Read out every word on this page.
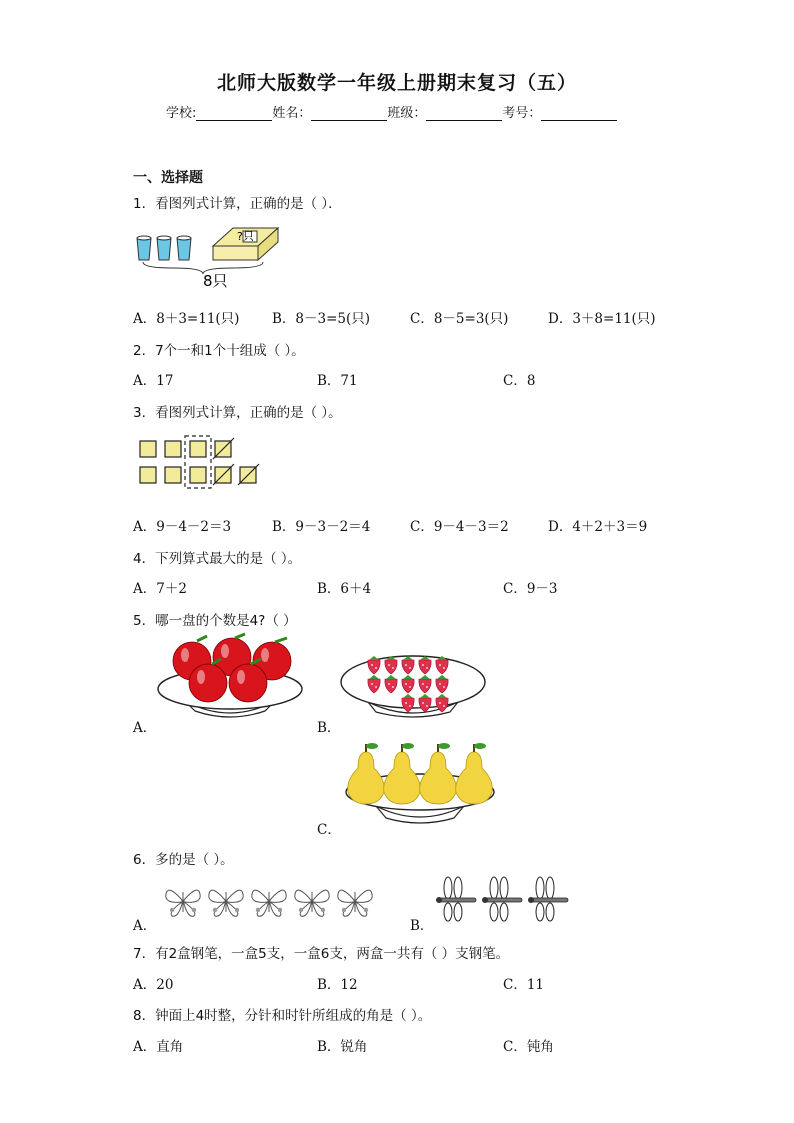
北师大版数学一年级上册期末复习（五）
学校:	姓名：	班级：	考号：
一、选择题
1．看图列式计算，正确的是（ ）．
?只
8只
A．8＋3=11(只) B．8－3=5(只)	C．8－5=3(只)	D．3＋8=11(只)
2．7个一和1个十组成（ ）。
A．17	B．71	C．8
3．看图列式计算，正确的是（ ）。
A．9－4－2＝3	B．9－3－2＝4	C．9－4－3＝2	D．4＋2＋3＝9
4．下列算式最大的是（ ）。
A．7＋2	B．6＋4	C．9－3
5．哪一盘的个数是4?（ ）
A．	B．
C．
6．多的是（ ）。
A．	B．
7．有2盒钢笔，一盒5支，一盒6支，两盒一共有（ ）支钢笔。
A．20	B．12	C．11
8．钟面上4时整，分针和时针所组成的角是（ ）。
A．直角	B．锐角	C．钝角
